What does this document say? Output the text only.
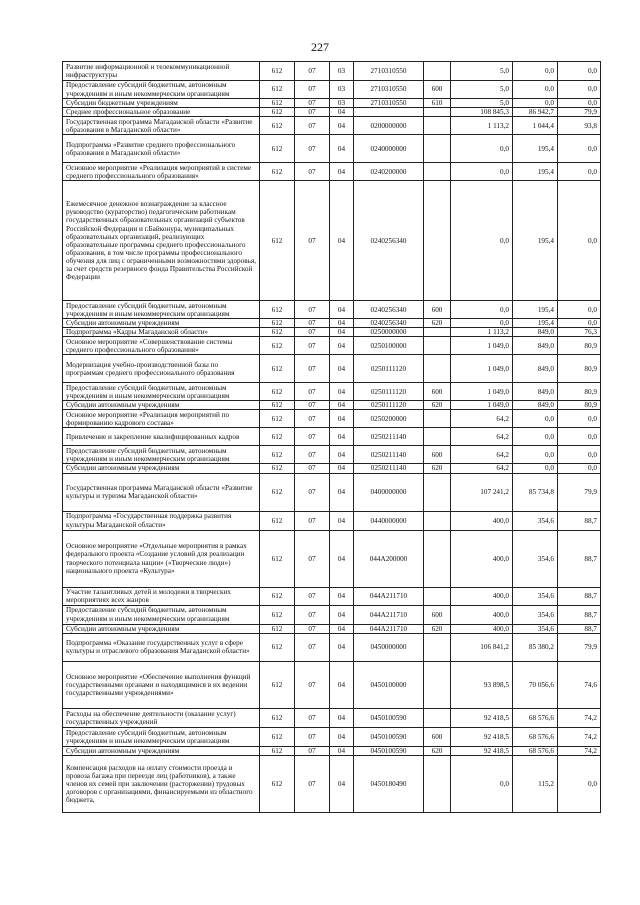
227
Развитие информационной и телекоммуникационной инфраструктуры	612	07	03	2710310550		5,0	0,0	0,0
Предоставление субсидий бюджетным, автономным учреждениям и иным некоммерческим организациям	612	07	03	2710310550	600	5,0	0,0	0,0
Субсидии бюджетным учреждениям	612	07	03	2710310550	610	5,0	0,0	0,0
Среднее профессиональное образование	612	07	04			108 845,3	86 942,7	79,9
Государственная программа Магаданской области «Развитие образования в Магаданской области»	612	07	04	0200000000		1 113,2	1 044,4	93,8
Подпрограмма «Развитие среднего профессионального образования в Магаданской области»	612	07	04	0240000000		0,0	195,4	0,0
Основное мероприятие «Реализация мероприятий в системе среднего профессионального образования»	612	07	04	0240200000		0,0	195,4	0,0
Ежемесячное денежное вознаграждение за классное руководство (кураторство) педагогическим работникам государственных образовательных организаций субъектов Российской Федерации и г.Байконура, муниципальных образовательных организаций, реализующих образовательные программы среднего профессионального образования, в том числе программы профессионального обучения для лиц с ограниченными возможностями здоровья, за счет средств резервного фонда Правительства Российской Федерации	612	07	04	0240256340		0,0	195,4	0,0
Предоставление субсидий бюджетным, автономным учреждениям и иным некоммерческим организациям	612	07	04	0240256340	600	0,0	195,4	0,0
Субсидии автономным учреждениям	612	07	04	0240256340	620	0,0	195,4	0,0
Подпрограмма «Кадры Магаданской области»	612	07	04	0250000000		1 113,2	849,0	76,3
Основное мероприятие «Совершенствование системы среднего профессионального образования»	612	07	04	0250100000		1 049,0	849,0	80,9
Модернизация учебно-производственной базы по программам среднего профессионального образования	612	07	04	0250111120		1 049,0	849,0	80,9
Предоставление субсидий бюджетным, автономным учреждениям и иным некоммерческим организациям	612	07	04	0250111120	600	1 049,0	849,0	80,9
Субсидии автономным учреждениям	612	07	04	0250111120	620	1 049,0	849,0	80,9
Основное мероприятие «Реализация мероприятий по формированию кадрового состава»	612	07	04	0250200000		64,2	0,0	0,0
Привлечение и закрепление квалифицированных кадров	612	07	04	0250211140		64,2	0,0	0,0
Предоставление субсидий бюджетным, автономным учреждениям и иным некоммерческим организациям	612	07	04	0250211140	600	64,2	0,0	0,0
Субсидии автономным учреждениям	612	07	04	0250211140	620	64,2	0,0	0,0
Государственная программа Магаданской области «Развитие культуры и туризма Магаданской области»	612	07	04	0400000000		107 241,2	85 734,8	79,9
Подпрограмма «Государственная поддержка развития культуры Магаданской области»	612	07	04	0440000000		400,0	354,6	88,7
Основное мероприятие «Отдельные мероприятия в рамках федерального проекта «Создание условий для реализации творческого потенциала нации» («Творческие люди») национального проекта «Культура»	612	07	04	044A200000		400,0	354,6	88,7
Участие талантливых детей и молодежи в творческих мероприятиях всех жанров	612	07	04	044A211710		400,0	354,6	88,7
Предоставление субсидий бюджетным, автономным учреждениям и иным некоммерческим организациям	612	07	04	044A211710	600	400,0	354,6	88,7
Субсидии автономным учреждениям	612	07	04	044A211710	620	400,0	354,6	88,7
Подпрограмма «Оказание государственных услуг в сфере культуры и отраслевого образования Магаданской области»	612	07	04	0450000000		106 841,2	85 380,2	79,9
Основное мероприятие «Обеспечение выполнения функций государственными органами и находящимися в их ведении государственными учреждениями»	612	07	04	0450100000		93 898,5	70 056,6	74,6
Расходы на обеспечение деятельности (оказание услуг) государственных учреждений	612	07	04	0450100590		92 418,5	68 576,6	74,2
Предоставление субсидий бюджетным, автономным учреждениям и иным некоммерческим организациям	612	07	04	0450100590	600	92 418,5	68 576,6	74,2
Субсидии автономным учреждениям	612	07	04	0450100590	620	92 418,5	68 576,6	74,2
Компенсация расходов на оплату стоимости проезда и провоза багажа при переезде лиц (работников), а также членов их семей при заключении (расторжении) трудовых договоров с организациями, финансируемыми из областного бюджета,	612	07	04	0450180490		0,0	115,2	0,0
